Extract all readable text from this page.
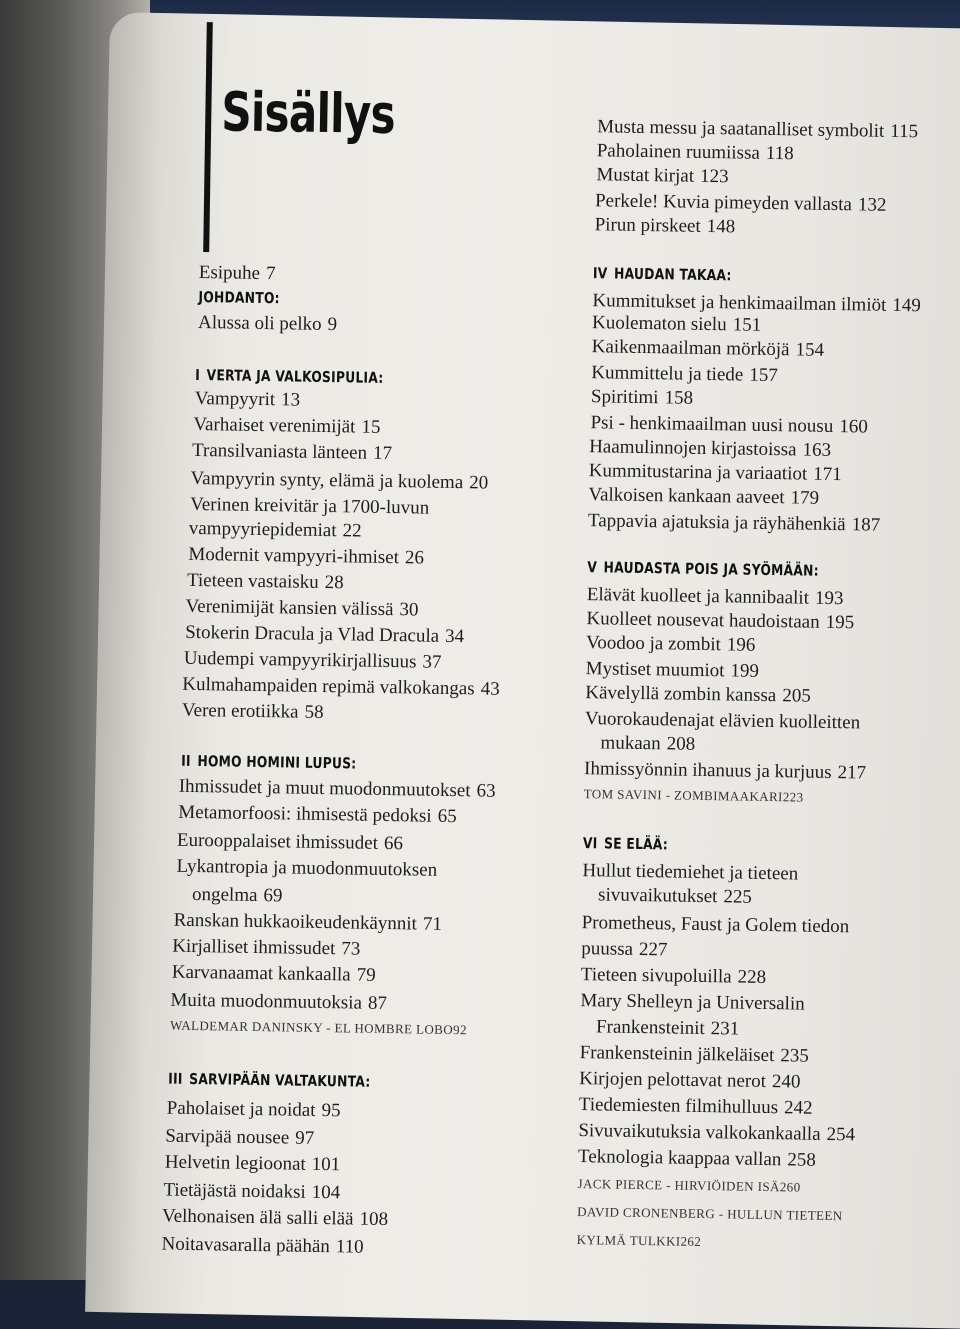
Sisällys
Esipuhe 7
JOHDANTO:
Alussa oli pelko 9
I VERTA JA VALKOSIPULIA:
Vampyyrit 13
Varhaiset verenimijät 15
Transilvaniasta länteen 17
Vampyyrin synty, elämä ja kuolema 20
Verinen kreivitär ja 1700-luvun
vampyyriepidemiat 22
Modernit vampyyri-ihmiset 26
Tieteen vastaisku 28
Verenimijät kansien välissä 30
Stokerin Dracula ja Vlad Dracula 34
Uudempi vampyyrikirjallisuus 37
Kulmahampaiden repimä valkokangas 43
Veren erotiikka 58
II HOMO HOMINI LUPUS:
Ihmissudet ja muut muodonmuutokset 63
Metamorfoosi: ihmisestä pedoksi 65
Eurooppalaiset ihmissudet 66
Lykantropia ja muodonmuutoksen
ongelma 69
Ranskan hukkaoikeudenkäynnit 71
Kirjalliset ihmissudet 73
Karvanaamat kankaalla 79
Muita muodonmuutoksia 87
WALDEMAR DANINSKY - EL HOMBRE LOBO92
III SARVIPÄÄN VALTAKUNTA:
Paholaiset ja noidat 95
Sarvipää nousee 97
Helvetin legioonat 101
Tietäjästä noidaksi 104
Velhonaisen älä salli elää 108
Noitavasaralla päähän 110
Musta messu ja saatanalliset symbolit 115
Paholainen ruumiissa 118
Mustat kirjat 123
Perkele! Kuvia pimeyden vallasta 132
Pirun pirskeet 148
IV HAUDAN TAKAA:
Kummitukset ja henkimaailman ilmiöt 149
Kuolematon sielu 151
Kaikenmaailman mörköjä 154
Kummittelu ja tiede 157
Spiritimi 158
Psi - henkimaailman uusi nousu 160
Haamulinnojen kirjastoissa 163
Kummitustarina ja variaatiot 171
Valkoisen kankaan aaveet 179
Tappavia ajatuksia ja räyhähenkiä 187
V HAUDASTA POIS JA SYÖMÄÄN:
Elävät kuolleet ja kannibaalit 193
Kuolleet nousevat haudoistaan 195
Voodoo ja zombit 196
Mystiset muumiot 199
Kävelyllä zombin kanssa 205
Vuorokaudenajat elävien kuolleitten
mukaan 208
Ihmissyönnin ihanuus ja kurjuus 217
TOM SAVINI - ZOMBIMAAKARI223
VI SE ELÄÄ:
Hullut tiedemiehet ja tieteen
sivuvaikutukset 225
Prometheus, Faust ja Golem tiedon
puussa 227
Tieteen sivupoluilla 228
Mary Shelleyn ja Universalin
Frankensteinit 231
Frankensteinin jälkeläiset 235
Kirjojen pelottavat nerot 240
Tiedemiesten filmihulluus 242
Sivuvaikutuksia valkokankaalla 254
Teknologia kaappaa vallan 258
JACK PIERCE - HIRVIÖIDEN ISÄ260
DAVID CRONENBERG - HULLUN TIETEEN
KYLMÄ TULKKI262
